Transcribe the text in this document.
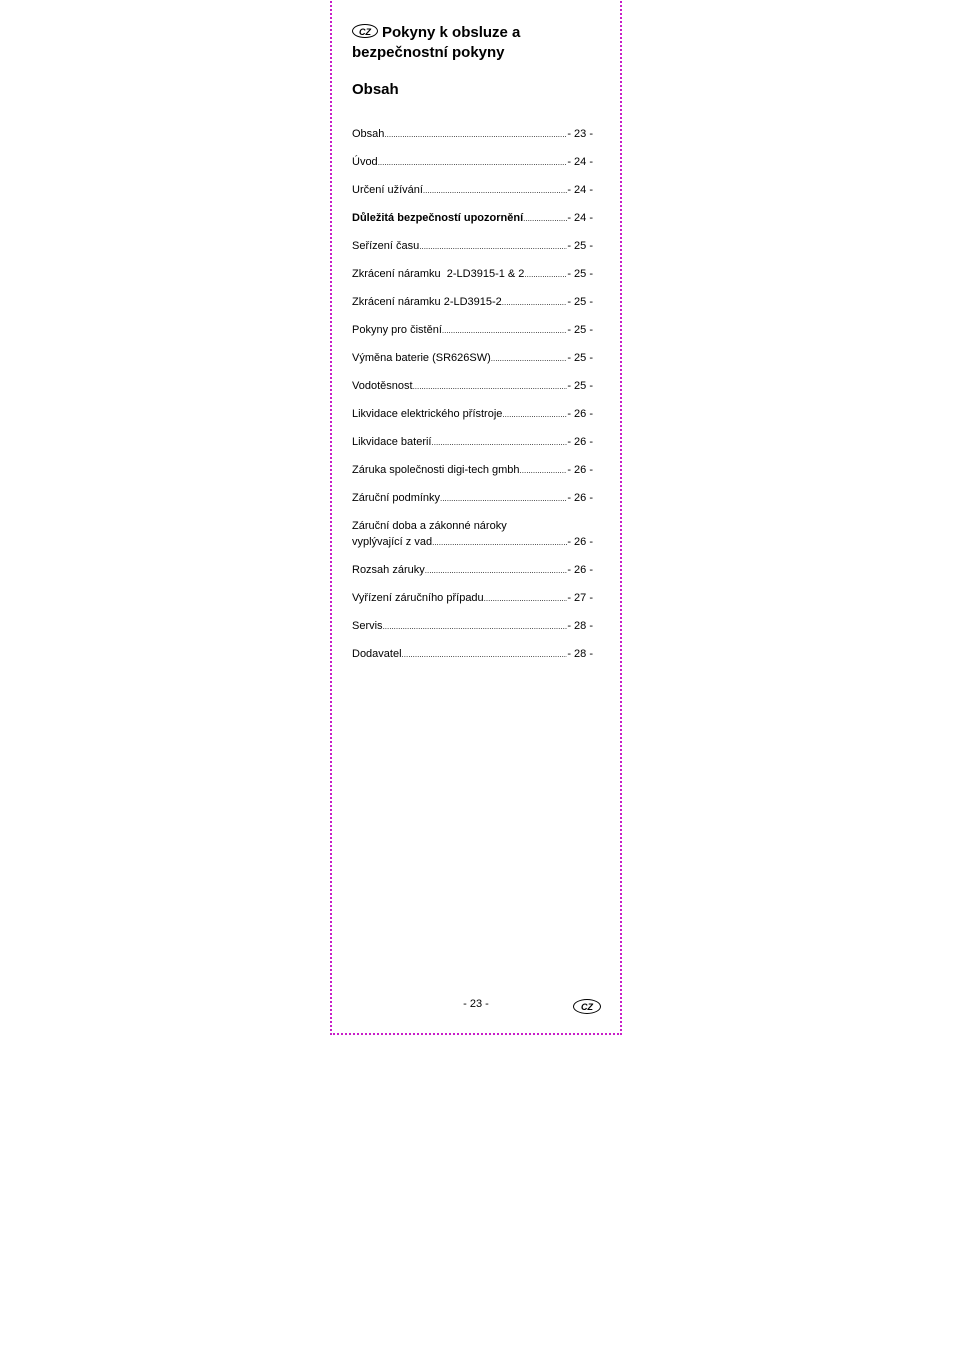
CZ Pokyny k obsluze a bezpečnostní pokyny
Obsah
Obsah .....	- 23 -
Úvod .....	- 24 -
Určení užívání .....	- 24 -
Důležitá bezpečností upozornění .....	- 24 -
Seřízení času .....	- 25 -
Zkrácení náramku  2-LD3915-1 & 2 .....	- 25 -
Zkrácení náramku 2-LD3915-2 .....	- 25 -
Pokyny pro čistění .....	- 25 -
Výměna baterie (SR626SW) .....	- 25 -
Vodotěsnost .....	- 25 -
Likvidace elektrického přístroje .....	- 26 -
Likvidace baterií .....	- 26 -
Záruka společnosti digi-tech gmbh .....	- 26 -
Záruční podmínky .....	- 26 -
Záruční doba a zákonné nároky
vyplývající z vad .....	- 26 -
Rozsah záruky .....	- 26 -
Vyřízení záručního případu .....	- 27 -
Servis .....	- 28 -
Dodavatel .....	- 28 -
- 23 -	CZ
